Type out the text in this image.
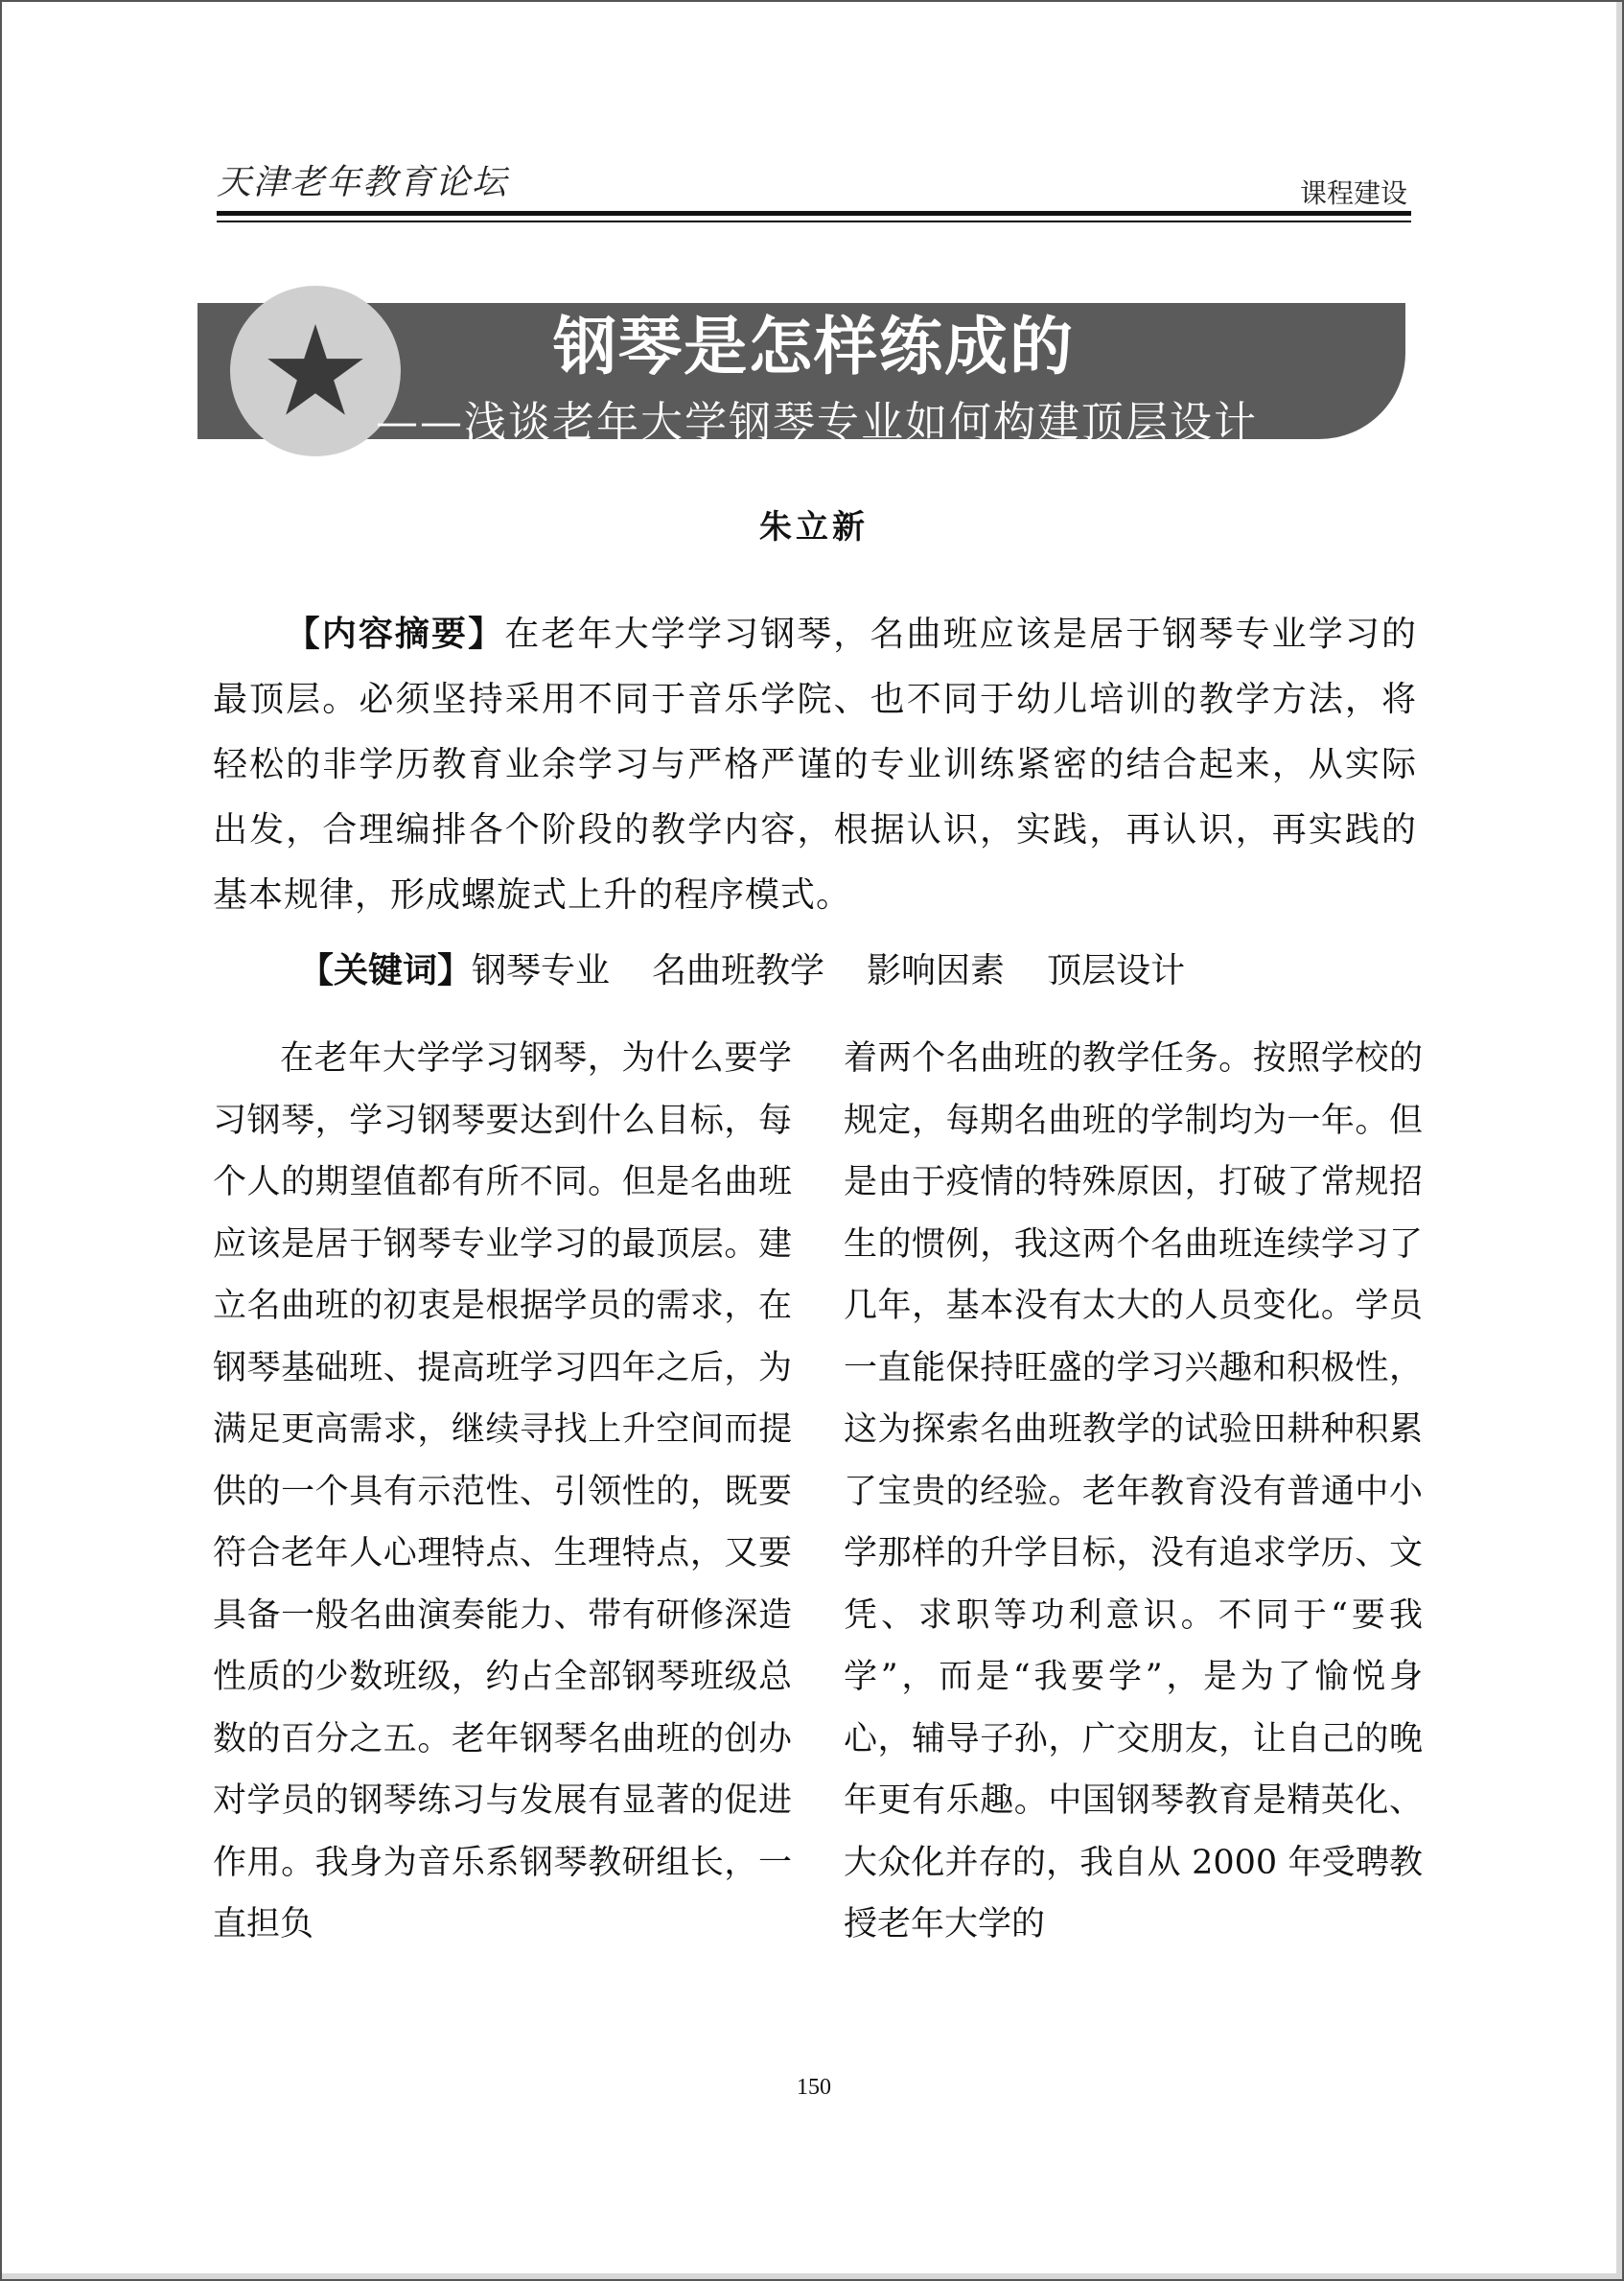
天津老年教育论坛	课程建设
★	钢琴是怎样练成的
——浅谈老年大学钢琴专业如何构建顶层设计
朱立新
【内容摘要】在老年大学学习钢琴，名曲班应该是居于钢琴专业学习的最顶层。必须坚持采用不同于音乐学院、也不同于幼儿培训的教学方法，将轻松的非学历教育业余学习与严格严谨的专业训练紧密的结合起来，从实际出发，合理编排各个阶段的教学内容，根据认识，实践，再认识，再实践的基本规律，形成螺旋式上升的程序模式。
【关键词】钢琴专业 名曲班教学 影响因素 顶层设计
在老年大学学习钢琴，为什么要学习钢琴，学习钢琴要达到什么目标，每个人的期望值都有所不同。但是名曲班应该是居于钢琴专业学习的最顶层。建立名曲班的初衷是根据学员的需求，在钢琴基础班、提高班学习四年之后，为满足更高需求，继续寻找上升空间而提供的一个具有示范性、引领性的，既要符合老年人心理特点、生理特点，又要具备一般名曲演奏能力、带有研修深造性质的少数班级，约占全部钢琴班级总数的百分之五。老年钢琴名曲班的创办对学员的钢琴练习与发展有显著的促进作用。我身为音乐系钢琴教研组长，一直担负
着两个名曲班的教学任务。按照学校的规定，每期名曲班的学制均为一年。但是由于疫情的特殊原因，打破了常规招生的惯例，我这两个名曲班连续学习了几年，基本没有太大的人员变化。学员一直能保持旺盛的学习兴趣和积极性，这为探索名曲班教学的试验田耕种积累了宝贵的经验。老年教育没有普通中小学那样的升学目标，没有追求学历、文凭、求职等功利意识。不同于“要我学”，而是“我要学”，是为了愉悦身心，辅导子孙，广交朋友，让自己的晚年更有乐趣。中国钢琴教育是精英化、大众化并存的，我自从 2000 年受聘教授老年大学的
150
